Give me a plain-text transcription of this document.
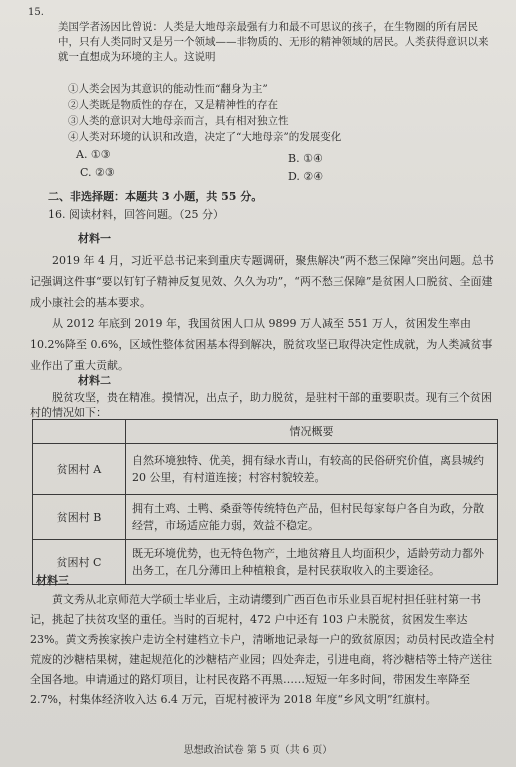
15.
美国学者汤因比曾说：人类是大地母亲最强有力和最不可思议的孩子，在生物圈的所有居民中，只有人类同时又是另一个领域——非物质的、无形的精神领域的居民。人类获得意识以来就一直想成为环境的主人。这说明
①人类会因为其意识的能动性而“翻身为主”
②人类既是物质性的存在，又是精神性的存在
③人类的意识对大地母亲而言，具有相对独立性
④人类对环境的认识和改造，决定了“大地母亲”的发展变化
A. ①③	B. ①④
C. ②③	D. ②④
二、非选择题：本题共 3 小题，共 55 分。
16. 阅读材料，回答问题。（25 分）
材料一
2019 年 4 月，习近平总书记来到重庆专题调研，聚焦解决“两不愁三保障”突出问题。总书记强调这件事“要以钉钉子精神反复见效、久久为功”，“两不愁三保障”是贫困人口脱贫、全面建成小康社会的基本要求。
从 2012 年底到 2019 年，我国贫困人口从 9899 万人减至 551 万人，贫困发生率由 10.2%降至 0.6%，区域性整体贫困基本得到解决，脱贫攻坚已取得决定性成就，为人类减贫事业作出了重大贡献。
材料二
脱贫攻坚，贵在精准。摸情况，出点子，助力脱贫，是驻村干部的重要职责。现有三个贫困村的情况如下：
	情况概要
贫困村 A	自然环境独特、优美，拥有绿水青山，有较高的民俗研究价值，离县城约 20 公里，有村道连接；村容村貌较差。
贫困村 B	拥有土鸡、土鸭、桑蚕等传统特色产品，但村民每家每户各自为政，分散经营，市场适应能力弱，效益不稳定。
贫困村 C	既无环境优势，也无特色物产，土地贫瘠且人均面积少，适龄劳动力都外出务工，在几分薄田上种植粮食，是村民获取收入的主要途径。
材料三
黄文秀从北京师范大学硕士毕业后，主动请缨到广西百色市乐业县百坭村担任驻村第一书记，挑起了扶贫攻坚的重任。当时的百坭村，472 户中还有 103 户未脱贫，贫困发生率达 23%。黄文秀挨家挨户走访全村建档立卡户，清晰地记录每一户的致贫原因；动员村民改造全村荒废的沙糖桔果树，建起规范化的沙糖桔产业园；四处奔走，引进电商，将沙糖桔等土特产送往全国各地。申请通过的路灯项目，让村民夜路不再黑……短短一年多时间，带困发生率降至 2.7%，村集体经济收入达 6.4 万元，百坭村被评为 2018 年度“乡风文明”红旗村。
思想政治试卷 第 5 页（共 6 页）
